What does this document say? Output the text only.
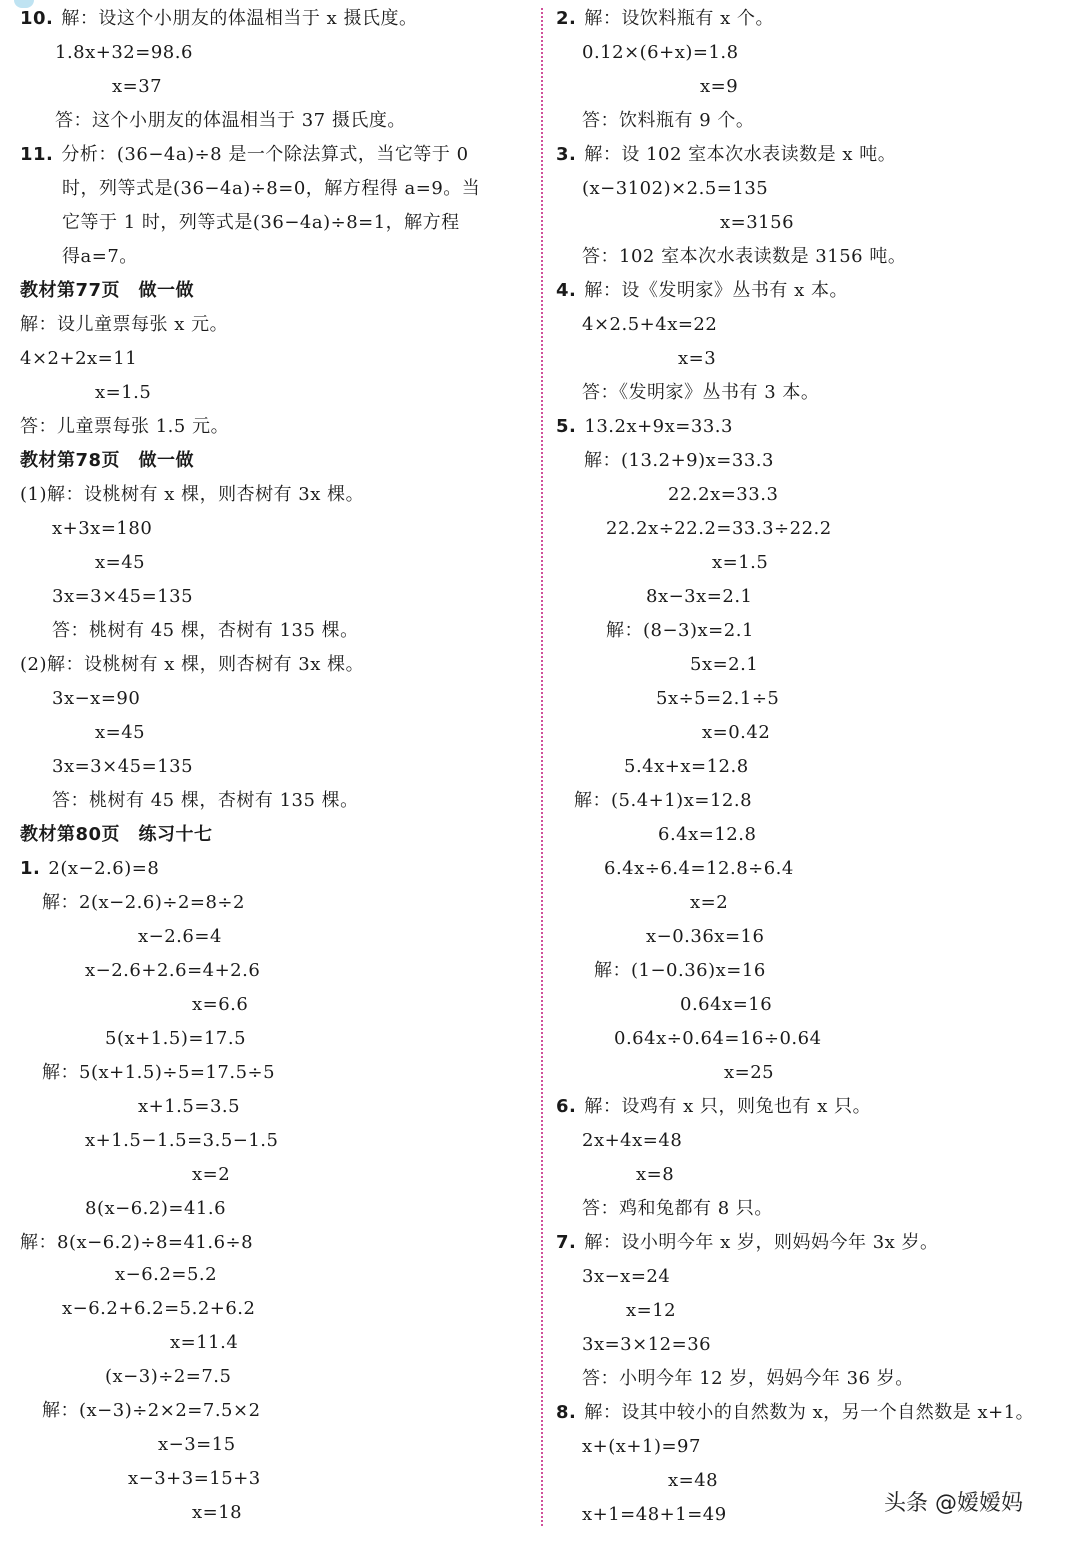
10. 解：设这个小朋友的体温相当于 x 摄氏度。
1.8x+32=98.6
x=37
答：这个小朋友的体温相当于 37 摄氏度。
11. 分析：(36−4a)÷8 是一个除法算式，当它等于 0
时，列等式是(36−4a)÷8=0，解方程得 a=9。当
它等于 1 时，列等式是(36−4a)÷8=1，解方程
得a=7。
教材第77页　做一做
解：设儿童票每张 x 元。
4×2+2x=11
x=1.5
答：儿童票每张 1.5 元。
教材第78页　做一做
(1)解：设桃树有 x 棵，则杏树有 3x 棵。
x+3x=180
x=45
3x=3×45=135
答：桃树有 45 棵，杏树有 135 棵。
(2)解：设桃树有 x 棵，则杏树有 3x 棵。
3x−x=90
x=45
3x=3×45=135
答：桃树有 45 棵，杏树有 135 棵。
教材第80页　练习十七
1. 2(x−2.6)=8
解：2(x−2.6)÷2=8÷2
x−2.6=4
x−2.6+2.6=4+2.6
x=6.6
5(x+1.5)=17.5
解：5(x+1.5)÷5=17.5÷5
x+1.5=3.5
x+1.5−1.5=3.5−1.5
x=2
8(x−6.2)=41.6
解：8(x−6.2)÷8=41.6÷8
x−6.2=5.2
x−6.2+6.2=5.2+6.2
x=11.4
(x−3)÷2=7.5
解：(x−3)÷2×2=7.5×2
x−3=15
x−3+3=15+3
x=18
2. 解：设饮料瓶有 x 个。
0.12×(6+x)=1.8
x=9
答：饮料瓶有 9 个。
3. 解：设 102 室本次水表读数是 x 吨。
(x−3102)×2.5=135
x=3156
答：102 室本次水表读数是 3156 吨。
4. 解：设《发明家》丛书有 x 本。
4×2.5+4x=22
x=3
答：《发明家》丛书有 3 本。
5. 13.2x+9x=33.3
解：(13.2+9)x=33.3
22.2x=33.3
22.2x÷22.2=33.3÷22.2
x=1.5
8x−3x=2.1
解：(8−3)x=2.1
5x=2.1
5x÷5=2.1÷5
x=0.42
5.4x+x=12.8
解：(5.4+1)x=12.8
6.4x=12.8
6.4x÷6.4=12.8÷6.4
x=2
x−0.36x=16
解：(1−0.36)x=16
0.64x=16
0.64x÷0.64=16÷0.64
x=25
6. 解：设鸡有 x 只，则兔也有 x 只。
2x+4x=48
x=8
答：鸡和兔都有 8 只。
7. 解：设小明今年 x 岁，则妈妈今年 3x 岁。
3x−x=24
x=12
3x=3×12=36
答：小明今年 12 岁，妈妈今年 36 岁。
8. 解：设其中较小的自然数为 x，另一个自然数是 x+1。
x+(x+1)=97
x=48
x+1=48+1=49	头条 @嫒嫒妈
